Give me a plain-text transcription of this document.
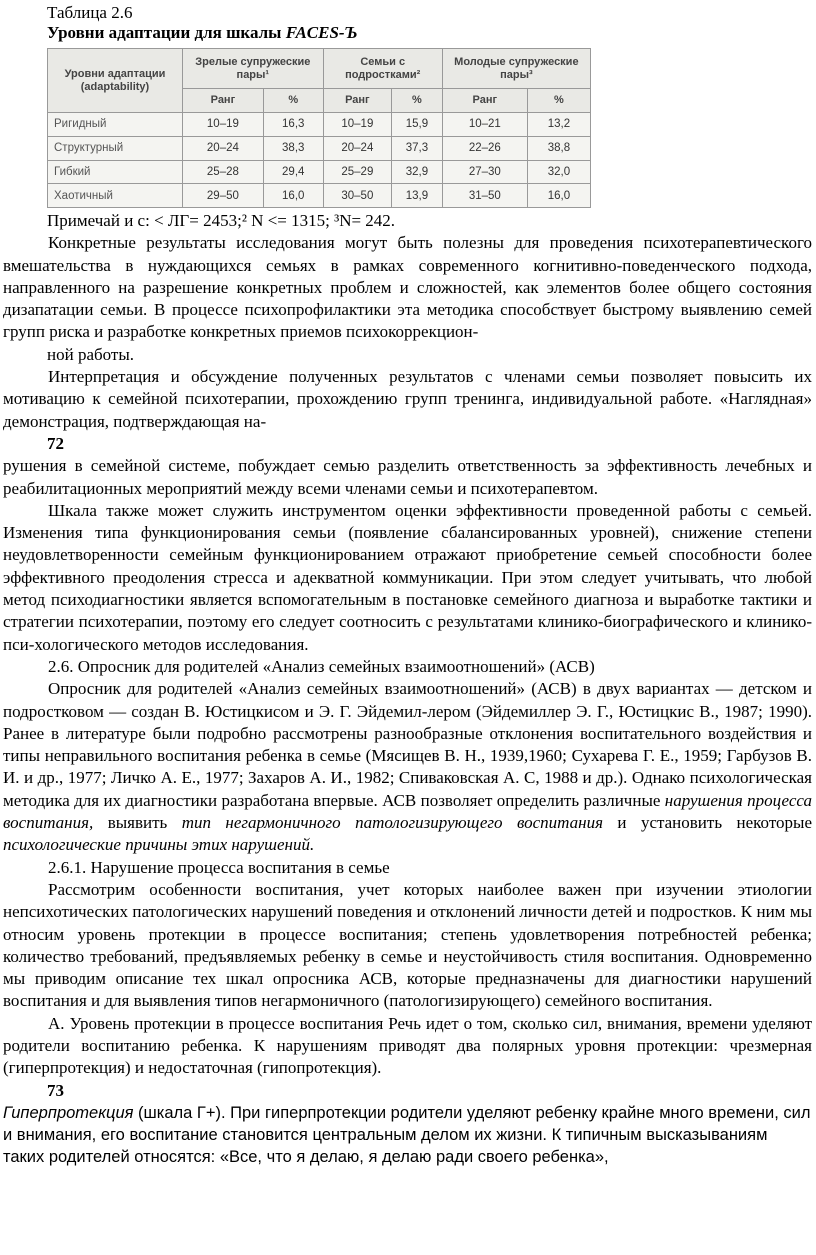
Таблица 2.6
Уровни адаптации для шкалы FACES-Ъ
Уровни адаптации (adaptability)	Зрелые супружеские пары¹		Семьи с подростками²		Молодые супружеские пары³	
	Ранг	%	Ранг	%	Ранг	%
Ригидный	10–19	16,3	10–19	15,9	10–21	13,2
Структурный	20–24	38,3	20–24	37,3	22–26	38,8
Гибкий	25–28	29,4	25–29	32,9	27–30	32,0
Хаотичный	29–50	16,0	30–50	13,9	31–50	16,0

Примечай и с: < ЛГ= 2453;² N <= 1315; ³N= 242.

Конкретные результаты исследования могут быть полезны для проведения психотерапевтического вмешательства в нуждающихся семьях в рамках современного когнитивно-поведенческого подхода, направленного на разрешение конкретных проблем и сложностей, как элементов более общего состояния дизапатации семьи. В процессе психопрофилактики эта методика способствует быстрому выявлению семей групп риска и разработке конкретных приемов психокоррекцион-

ной работы.

Интерпретация и обсуждение полученных результатов с членами семьи позволяет повысить их мотивацию к семейной психотерапии, прохождению групп тренинга, индивидуальной работе. «Наглядная» демонстрация, подтверждающая на-

72

рушения в семейной системе, побуждает семью разделить ответственность за эффективность лечебных и реабилитационных мероприятий между всеми членами семьи и психотерапевтом.

Шкала также может служить инструментом оценки эффективности проведенной работы с семьей. Изменения типа функционирования семьи (появление сбалансированных уровней), снижение степени неудовлетворенности семейным функционированием отражают приобретение семьей способности более эффективного преодоления стресса и адекватной коммуникации. При этом следует учитывать, что любой метод психодиагностики является вспомогательным в постановке семейного диагноза и выработке тактики и стратегии психотерапии, поэтому его следует соотносить с результатами клинико-биографического и клинико-пси-хологического методов исследования.

2.6. Опросник для родителей «Анализ семейных взаимоотношений» (АСВ)

Опросник для родителей «Анализ семейных взаимоотношений» (АСВ) в двух вариантах — детском и подростковом — создан В. Юстицкисом и Э. Г. Эйдемил-лером (Эйдемиллер Э. Г., Юстицкис В., 1987; 1990). Ранее в литературе были подробно рассмотрены разнообразные отклонения воспитательного воздействия и типы неправильного воспитания ребенка в семье (Мясищев В. Н., 1939,1960; Сухарева Г. Е., 1959; Гарбузов В. И. и др., 1977; Личко А. Е., 1977; Захаров А. И., 1982; Спиваковская А. С, 1988 и др.). Однако психологическая методика для их диагностики разработана впервые. АСВ позволяет определить различные нарушения процесса воспитания, выявить тип негармоничного патологизирующего воспитания и установить некоторые психологические причины этих нарушений.

2.6.1. Нарушение процесса воспитания в семье

Рассмотрим особенности воспитания, учет которых наиболее важен при изучении этиологии непсихотических патологических нарушений поведения и отклонений личности детей и подростков. К ним мы относим уровень протекции в процессе воспитания; степень удовлетворения потребностей ребенка; количество требований, предъявляемых ребенку в семье и неустойчивость стиля воспитания. Одновременно мы приводим описание тех шкал опросника АСВ, которые предназначены для диагностики нарушений воспитания и для выявления типов негармоничного (патологизирующего) семейного воспитания.

А. Уровень протекции в процессе воспитания Речь идет о том, сколько сил, внимания, времени уделяют родители воспитанию ребенка. К нарушениям приводят два полярных уровня протекции: чрезмерная (гиперпротекция) и недостаточная (гипопротекция).

73

Гиперпротекция (шкала Г+). При гиперпротекции родители уделяют ребенку крайне много времени, сил и внимания, его воспитание становится центральным делом их жизни. К типичным высказываниям таких родителей относятся: «Все, что я делаю, я делаю ради своего ребенка»,
